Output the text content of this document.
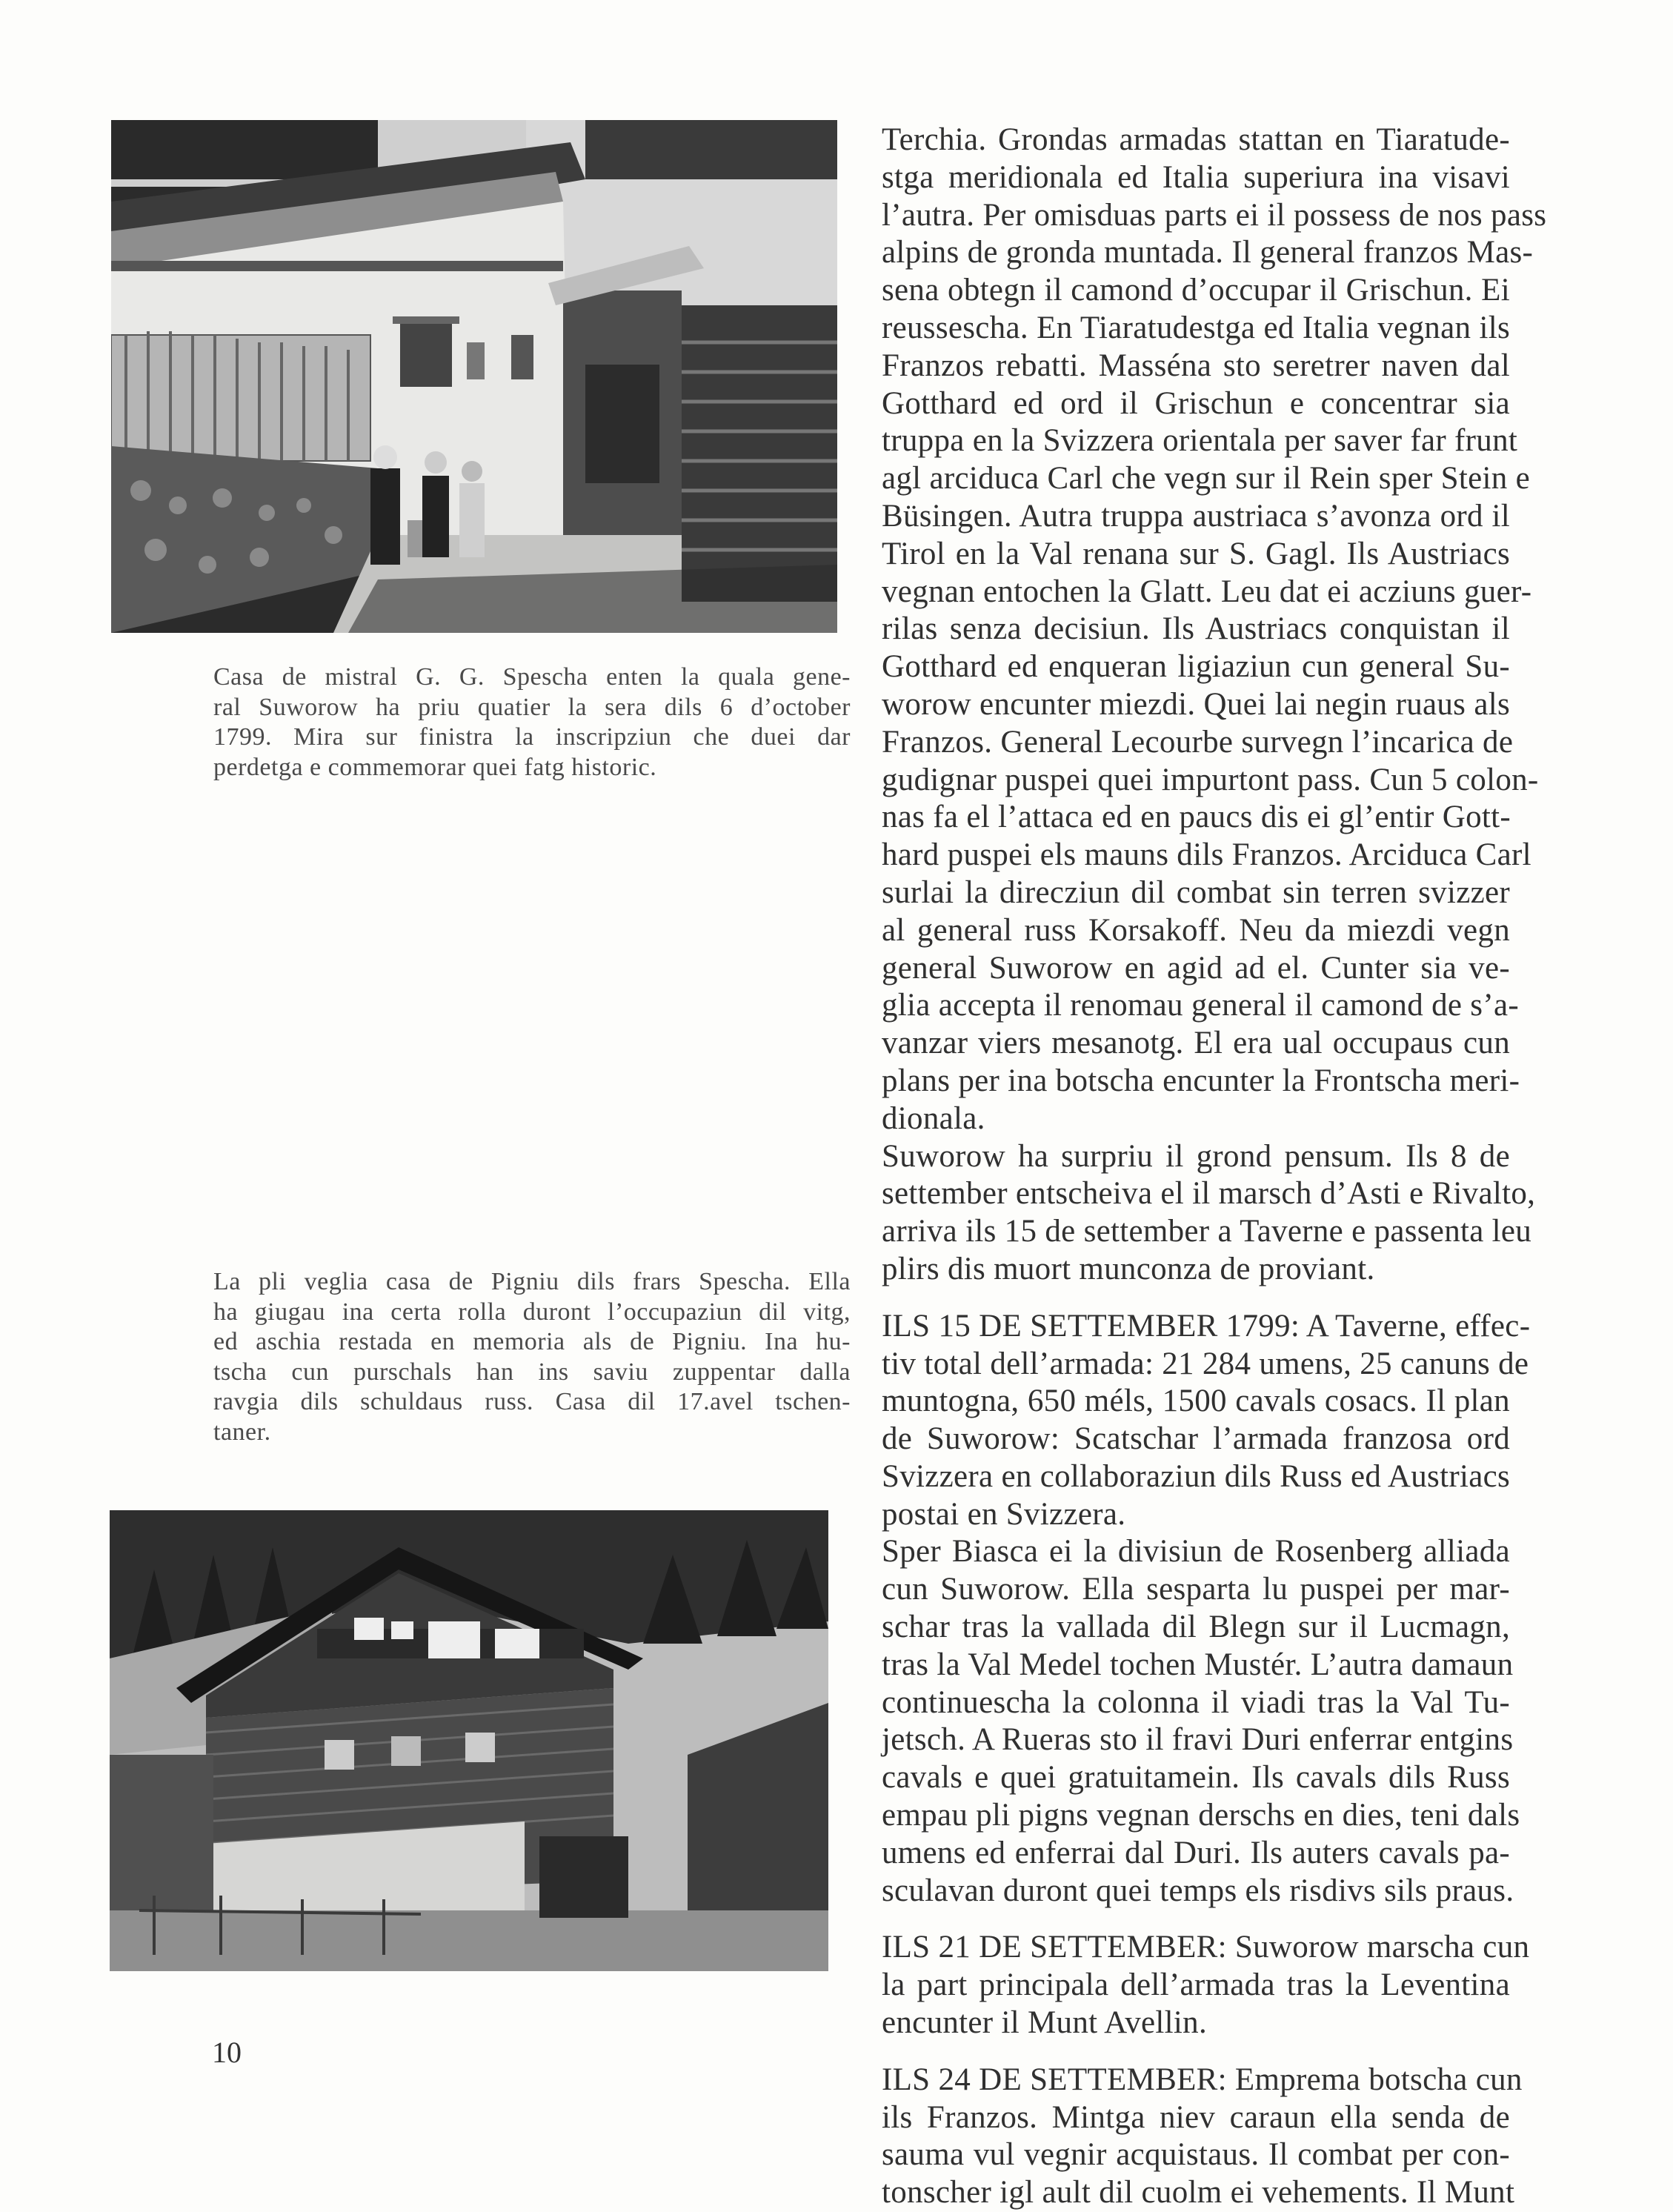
Casa de mistral G. G. Spescha enten la quala gene-
ral Suworow ha priu quatier la sera dils 6 d’october
1799. Mira sur finistra la inscripziun che duei dar
perdetga e commemorar quei fatg historic.
La pli veglia casa de Pigniu dils frars Spescha. Ella
ha giugau ina certa rolla duront l’occupaziun dil vitg,
ed aschia restada en memoria als de Pigniu. Ina hu-
tscha cun purschals han ins saviu zuppentar dalla
ravgia dils schuldaus russ. Casa dil 17.avel tschen-
taner.
Terchia. Grondas armadas stattan en Tiaratude-
stga meridionala ed Italia superiura ina visavi
l’autra. Per omisduas parts ei il possess de nos pass
alpins de gronda muntada. Il general franzos Mas-
sena obtegn il camond d’occupar il Grischun. Ei
reussescha. En Tiaratudestga ed Italia vegnan ils
Franzos rebatti. Masséna sto seretrer naven dal
Gotthard ed ord il Grischun e concentrar sia
truppa en la Svizzera orientala per saver far frunt
agl arciduca Carl che vegn sur il Rein sper Stein e
Büsingen. Autra truppa austriaca s’avonza ord il
Tirol en la Val renana sur S. Gagl. Ils Austriacs
vegnan entochen la Glatt. Leu dat ei acziuns guer-
rilas senza decisiun. Ils Austriacs conquistan il
Gotthard ed enqueran ligiaziun cun general Su-
worow encunter miezdi. Quei lai negin ruaus als
Franzos. General Lecourbe survegn l’incarica de
gudignar puspei quei impurtont pass. Cun 5 colon-
nas fa el l’attaca ed en paucs dis ei gl’entir Gott-
hard puspei els mauns dils Franzos. Arciduca Carl
surlai la direcziun dil combat sin terren svizzer
al general russ Korsakoff. Neu da miezdi vegn
general Suworow en agid ad el. Cunter sia ve-
glia accepta il renomau general il camond de s’a-
vanzar viers mesanotg. El era ual occupaus cun
plans per ina botscha encunter la Frontscha meri-
dionala.
Suworow ha surpriu il grond pensum. Ils 8 de
settember entscheiva el il marsch d’Asti e Rivalto,
arriva ils 15 de settember a Taverne e passenta leu
plirs dis muort munconza de proviant.
ILS 15 DE SETTEMBER 1799: A Taverne, effec-
tiv total dell’armada: 21 284 umens, 25 canuns de
muntogna, 650 méls, 1500 cavals cosacs. Il plan
de Suworow: Scatschar l’armada franzosa ord
Svizzera en collaboraziun dils Russ ed Austriacs
postai en Svizzera.
Sper Biasca ei la divisiun de Rosenberg alliada
cun Suworow. Ella sesparta lu puspei per mar-
schar tras la vallada dil Blegn sur il Lucmagn,
tras la Val Medel tochen Mustér. L’autra damaun
continuescha la colonna il viadi tras la Val Tu-
jetsch. A Rueras sto il fravi Duri enferrar entgins
cavals e quei gratuitamein. Ils cavals dils Russ
empau pli pigns vegnan derschs en dies, teni dals
umens ed enferrai dal Duri. Ils auters cavals pa-
sculavan duront quei temps els risdivs sils praus.
ILS 21 DE SETTEMBER: Suworow marscha cun
la part principala dell’armada tras la Leventina
encunter il Munt Avellin.
ILS 24 DE SETTEMBER: Emprema botscha cun
ils Franzos. Mintga niev caraun ella senda de
sauma vul vegnir acquistaus. Il combat per con-
tonscher igl ault dil cuolm ei vehements. Il Munt
10
